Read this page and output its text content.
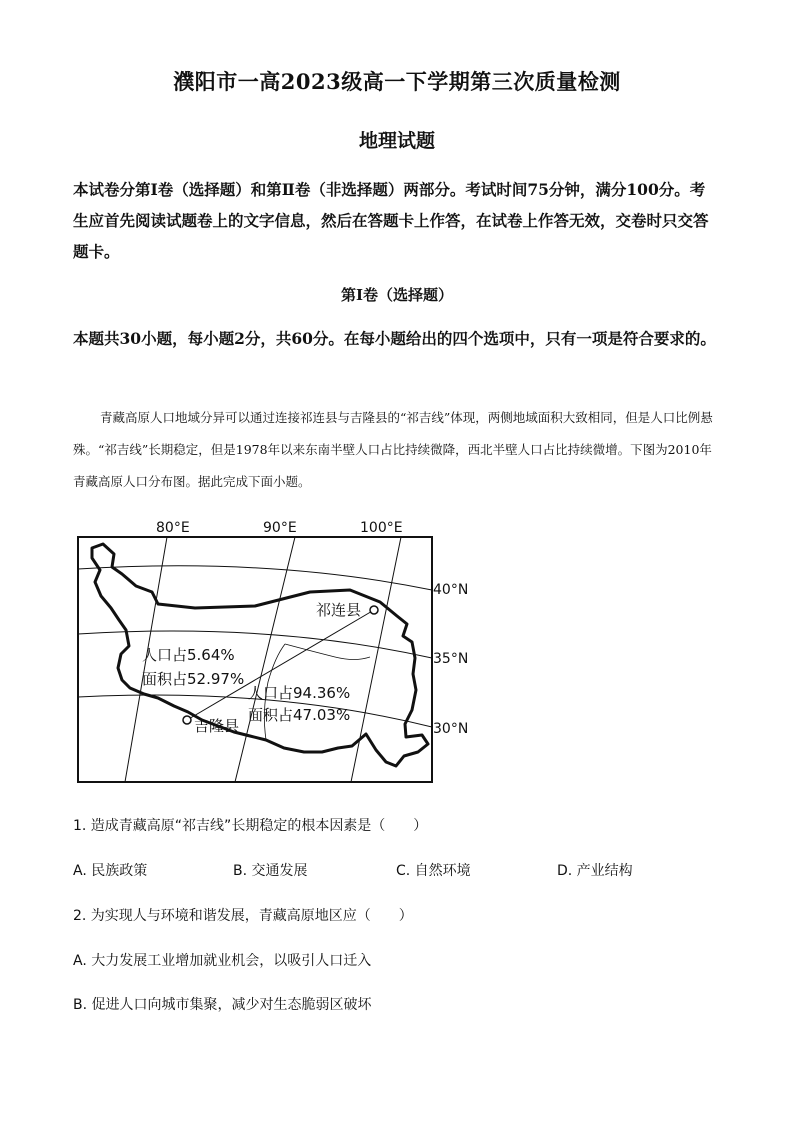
濮阳市一高2023级高一下学期第三次质量检测
地理试题
本试卷分第Ⅰ卷（选择题）和第Ⅱ卷（非选择题）两部分。考试时间75分钟，满分100分。考生应首先阅读试题卷上的文字信息，然后在答题卡上作答，在试卷上作答无效，交卷时只交答题卡。
第Ⅰ卷（选择题）
本题共30小题，每小题2分，共60分。在每小题给出的四个选项中，只有一项是符合要求的。
青藏高原人口地域分异可以通过连接祁连县与吉隆县的“祁吉线”体现，两侧地域面积大致相同，但是人口比例悬殊。“祁吉线”长期稳定，但是1978年以来东南半壁人口占比持续微降，西北半壁人口占比持续微增。下图为2010年青藏高原人口分布图。据此完成下面小题。
80°E	90°E	100°E
40°N
35°N
30°N
祁连县
吉隆县
人口占5.64%
面积占52.97%
人口占94.36%
面积占47.03%
1. 造成青藏高原“祁吉线”长期稳定的根本因素是（　　）
A. 民族政策	B. 交通发展	C. 自然环境	D. 产业结构
2. 为实现人与环境和谐发展，青藏高原地区应（　　）
A. 大力发展工业增加就业机会，以吸引人口迁入
B. 促进人口向城市集聚，减少对生态脆弱区破坏
